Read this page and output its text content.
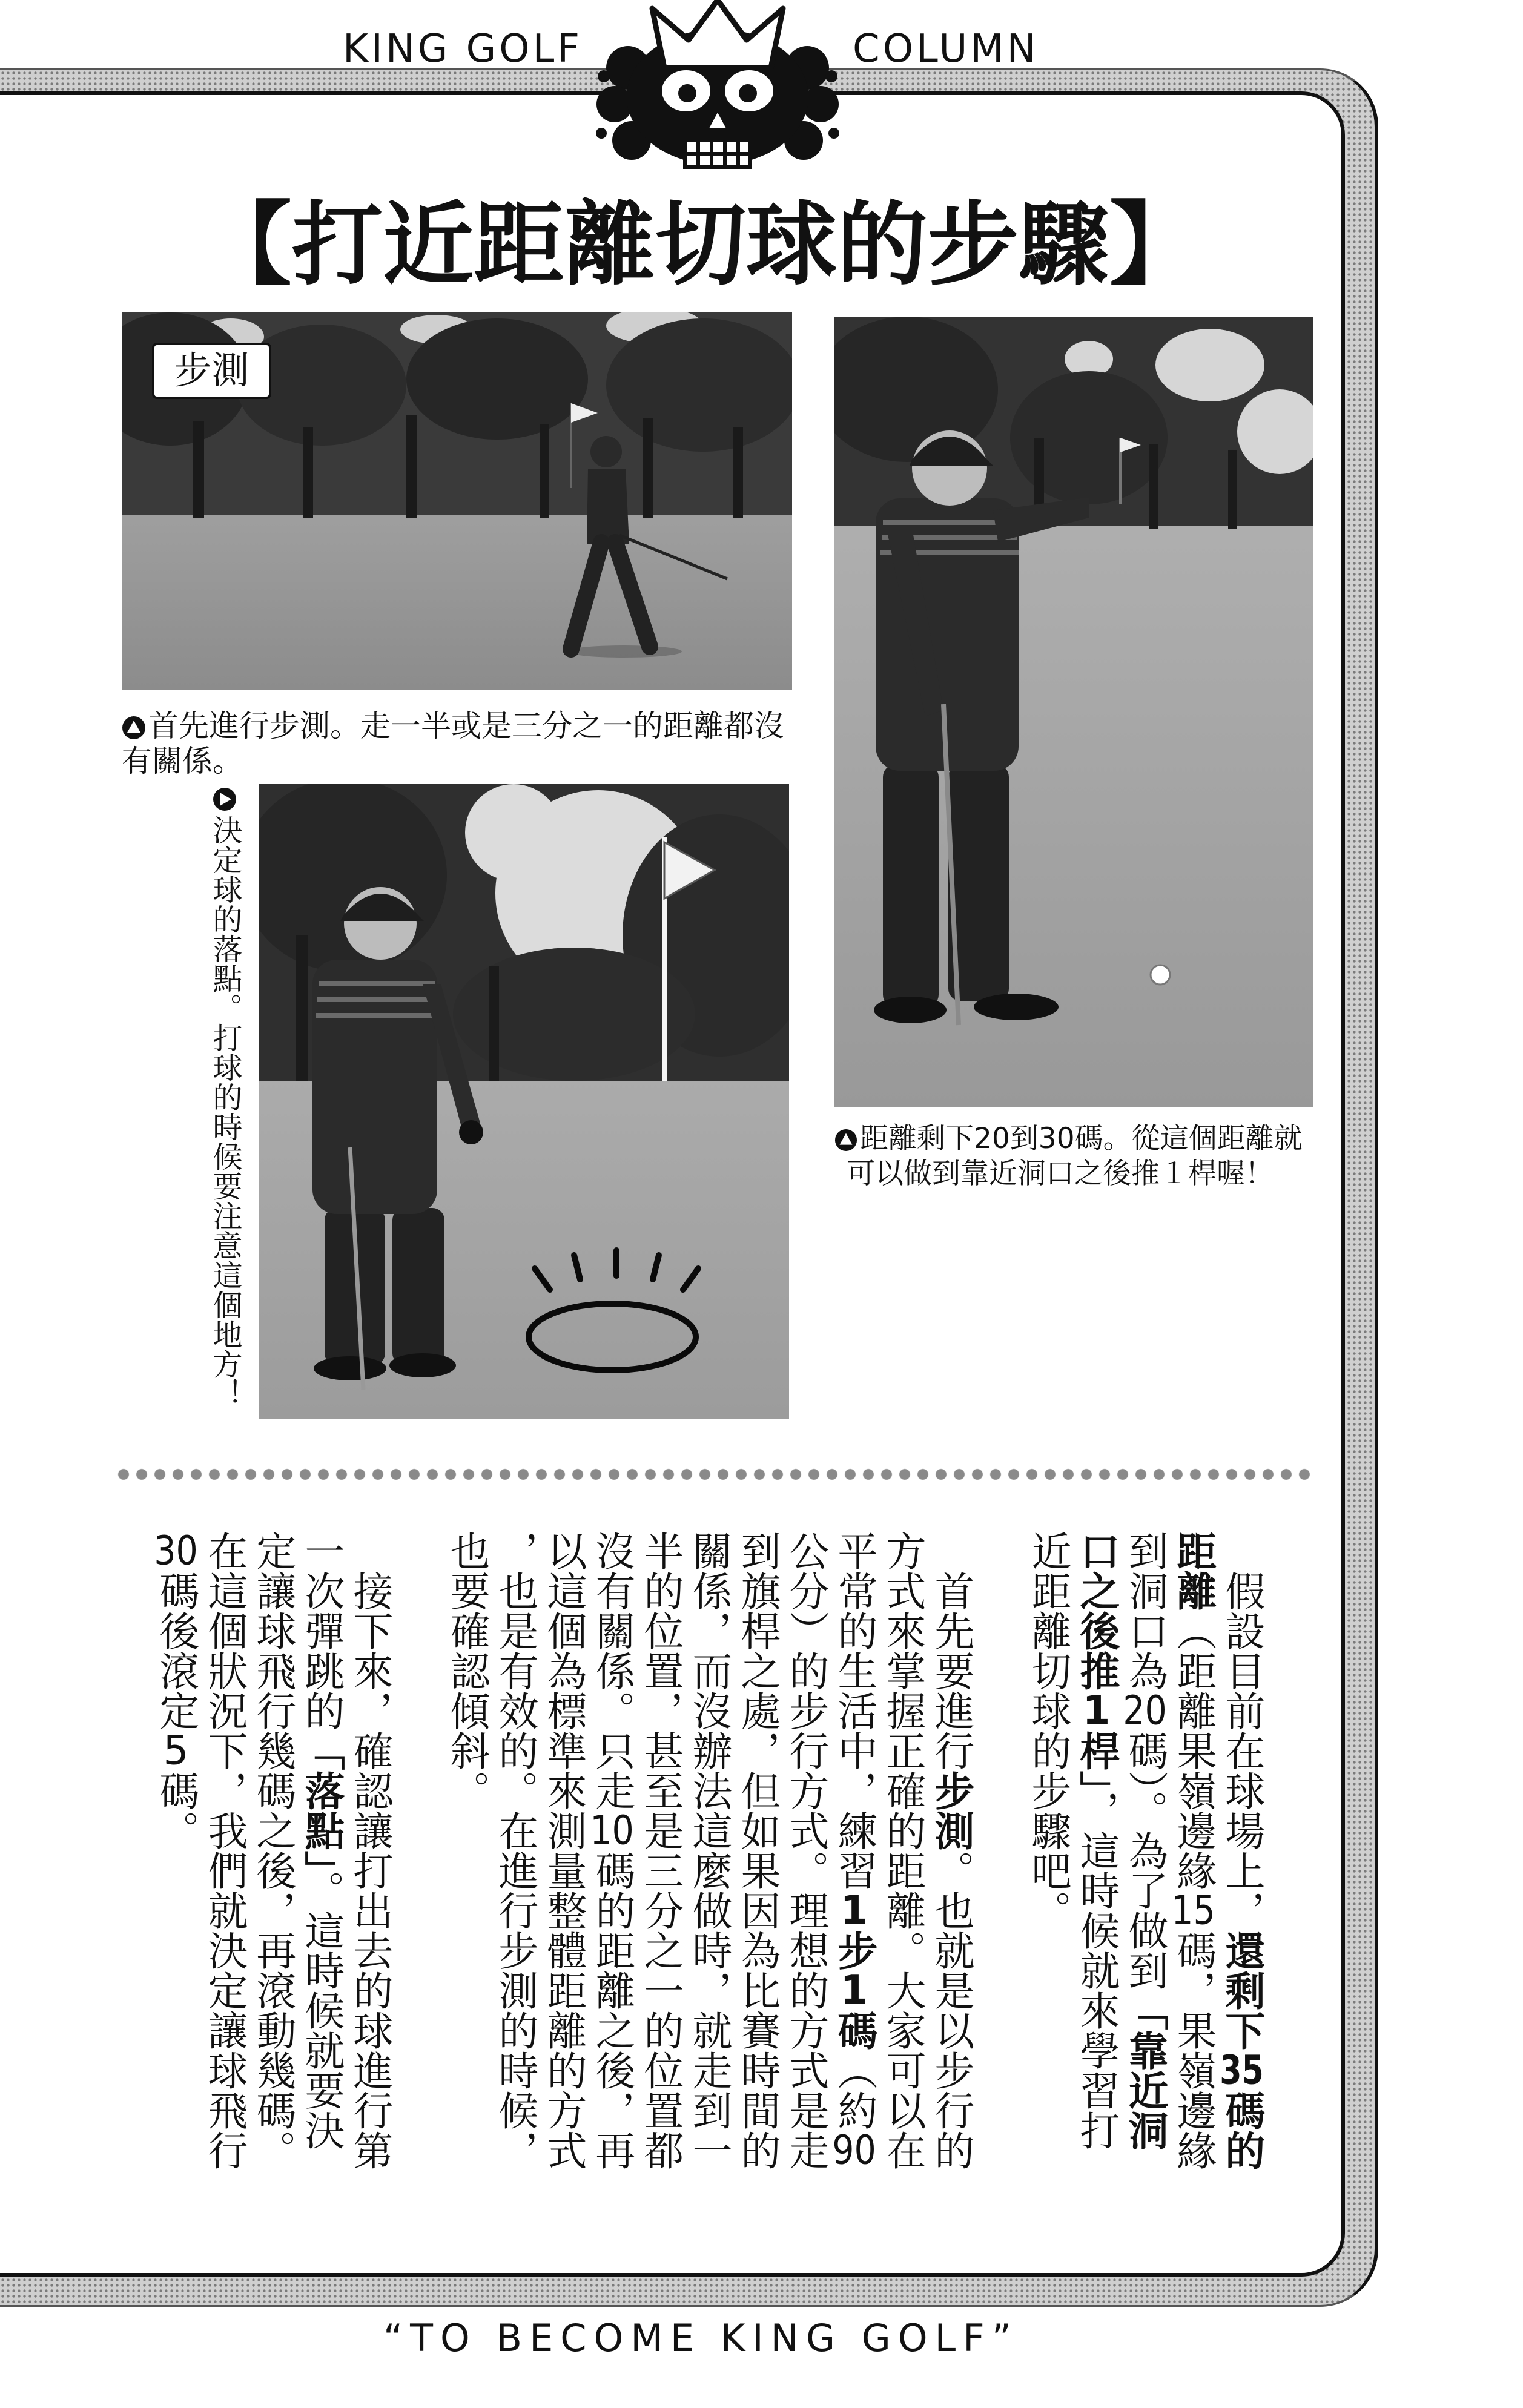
KING GOLF	COLUMN
【打近距離切球的步驟】
步測
首先進行步測。走一半或是三分之一的距離都沒
有關係。
決定球的落點。打球的時候要注意這個地方！	距離剩下20到30碼。從這個距離就
可以做到靠近洞口之後推１桿喔！
假設目前在球場上，還剩下35碼的
距離（距離果嶺邊緣15碼，果嶺邊緣
到洞口為20碼）。為了做到「靠近洞
口之後推1桿」，這時候就來學習打
近距離切球的步驟吧。
首先要進行步測。也就是以步行的
方式來掌握正確的距離。大家可以在
平常的生活中，練習1步1碼（約90
公分）的步行方式。理想的方式是走
到旗桿之處，但如果因為比賽時間的
關係，而沒辦法這麼做時，就走到一
半的位置，甚至是三分之一的位置都
沒有關係。只走10碼的距離之後，再
以這個為標準來測量整體距離的方式
，也是有效的。在進行步測的時候，
也要確認傾斜。
接下來，確認讓打出去的球進行第
一次彈跳的「落點」。這時候就要決
定讓球飛行幾碼之後，再滾動幾碼。
在這個狀況下，我們就決定讓球飛行
30碼後滾定5碼。
“TO BECOME KING GOLF”
